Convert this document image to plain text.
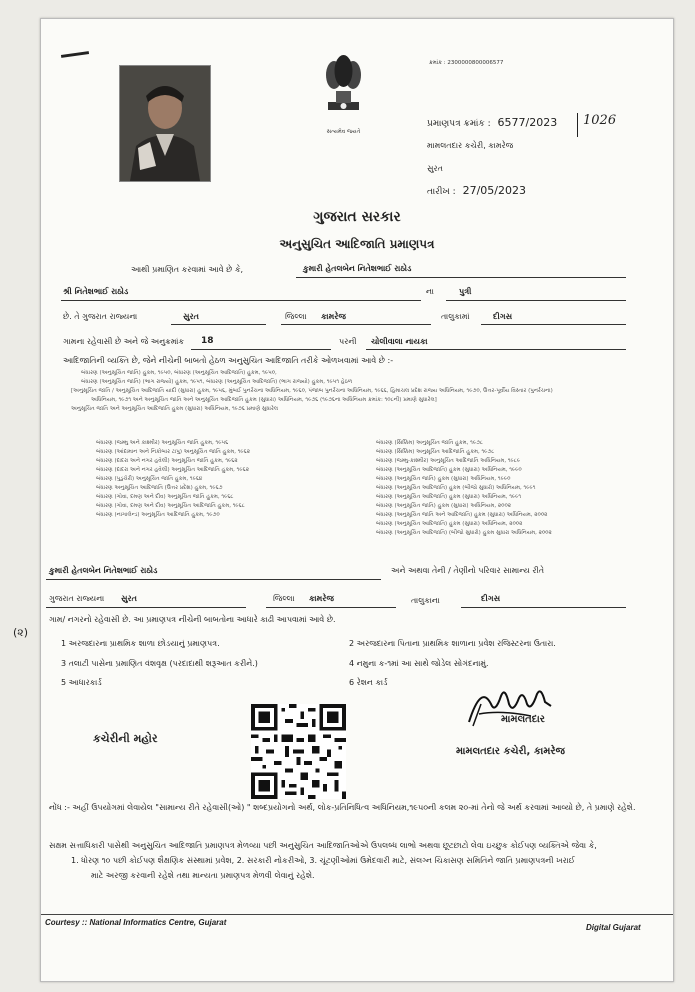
સત્યમેવ જયતે
ક્રમાંક : 2300000800006577
પ્રમાણપત્ર ક્રમાંક : 6577/2023 1026
મામલતદાર કચેરી, કામરેજ
સુરત
તારીખ : 27/05/2023
ગુજરાત સરકાર
અનુસુચિત આદિજાતિ પ્રમાણપત્ર
આથી પ્રમાણિત કરવામાં આવે છે કે,	કુમારી હેતલબેન નિતેશભાઈ રાઠોડ
શ્રી નિતેશભાઈ રાઠોડ	ના	પુત્રી
છે. તે ગુજરાત રાજ્યના	સુરત	જિલ્લા કામરેજ	તાલુકામાં	દીગસ
ગામના રહેવાસી છે અને જે અનુક્રમાંક 18	પરની ચોલીવાલા નાયકા
આદિજાતિની વ્યક્તિ છે, જેને નીચેની બાબતો હેઠળ અનુસુચિત આદિજાતિ તરીકે ઓળખવામાં આવે છે :-
બંધારણ (અનુસૂચિત જાતિ) હુકમ, ૧૯૫૦, બંધારણ (અનુસૂચિત આદિજાતિ) હુકમ, ૧૯૫૦,
બંધારણ (અનુસૂચિત જાતિ) (ભાગ રાજ્યો) હુકમ, ૧૯૫૧, બંધારણ (અનુસૂચિત આદિજાતિ) (ભાગ રાજ્યો) હુકમ, ૧૯૫૧ હેઠળ
[અનુસૂચિત જાતિ / અનુસૂચિત આદિજાતિ યાદી (સુધારા) હુકમ, ૧૯૫૬, મુંબઈ પુનર્રચના અધિનિયમ, ૧૯૬૦, પંજાબ પુનર્રચના અધિનિયમ, ૧૯૬૬, હિમાચલ પ્રદેશ રાજ્ય અધિનિયમ, ૧૯૭૦, ઉત્તર-પૂર્વીય વિસ્તાર (પુનર્રચના)
અધિનિયમ, ૧૯૭૧ અને અનુસૂચિત જાતિ અને અનુસૂચિત આદિજાતિ હુકમ (સુધારા) અધિનિયમ, ૧૯૭૬ (૧૯૭૬ના અધિનિયમ ક્રમાંક: ૧૦૮ની) પ્રમાણે સુધારેલ]
અનુસૂચિત જાતિ અને અનુસૂચિત આદિજાતિ હુકમ (સુધારા) અધિનિયમ, ૧૯૭૬ પ્રમાણે સુધારેલ
બંધારણ (જમ્મુ અને કાશ્મીર) અનુસૂચિત જાતિ હુકમ, ૧૯૫૬
બંધારણ (આંદામાન અને નિકોબાર ટાપુ) અનુસૂચિત જાતિ હુકમ, ૧૯૬૨
બંધારણ (દાદરા અને નગર હવેલી) અનુસૂચિત જાતિ હુકમ, ૧૯૬૨
બંધારણ (દાદરા અને નગર હવેલી) અનુસૂચિત આદિજાતિ હુકમ, ૧૯૬૨
બંધારણ (પુડુચેરી) અનુસૂચિત જાતિ હુકમ, ૧૯૬૪
બંધારણ અનુસૂચિત આદિજાતિ (ઉત્તર પ્રદેશ) હુકમ, ૧૯૬૭
બંધારણ (ગોવા, દમણ અને દીવ) અનુસૂચિત જાતિ હુકમ, ૧૯૬૮
બંધારણ (ગોવા, દમણ અને દીવ) અનુસૂચિત આદિજાતિ હુકમ, ૧૯૬૮
બંધારણ (નાગાલેન્ડ) અનુસૂચિત આદિજાતિ હુકમ, ૧૯૭૦
બંધારણ (સિક્કિમ) અનુસૂચિત જાતિ હુકમ, ૧૯૭૮
બંધારણ (સિક્કિમ) અનુસૂચિત આદિજાતિ હુકમ, ૧૯૭૮
બંધારણ (જમ્મુ-કાશ્મીર) અનુસૂચિત આદિજાતિ અધિનિયમ, ૧૯૮૯
બંધારણ (અનુસૂચિત આદિજાતિ) હુકમ (સુધારા) અધિનિયમ, ૧૯૯૦
બંધારણ (અનુસૂચિત જાતિ) હુકમ (સુધારા) અધિનિયમ, ૧૯૯૦
બંધારણ (અનુસૂચિત આદિજાતિ) હુકમ (બીજો સુધારો) અધિનિયમ, ૧૯૯૧
બંધારણ (અનુસૂચિત આદિજાતિ) હુકમ (સુધારા) અધિનિયમ, ૧૯૯૧
બંધારણ (અનુસૂચિત જાતિ) હુકમ (સુધારા) અધિનિયમ, ૨૦૦૨
બંધારણ (અનુસૂચિત જાતિ અને આદિજાતિ) હુકમ (સુધારા) અધિનિયમ, ૨૦૦૨
બંધારણ (અનુસૂચિત આદિજાતિ) હુકમ (સુધારા) અધિનિયમ, ૨૦૦૨
બંધારણ (અનુસૂચિત આદિજાતિ) (બીજો સુધારો) હુકમ સુધારા અધિનિયમ, ૨૦૦૨
કુમારી હેતલબેન નિતેશભાઈ રાઠોડ	અને અથવા તેની / તેણીનો પરિવાર સામાન્ય રીતે
ગુજરાત રાજ્યના સુરત	જિલ્લા કામરેજ	તાલુકાના	દીગસ
ગામ/ નગરનો રહેવાસી છે. આ પ્રમાણપત્ર નીચેની બાબતોના આધારે કાઢી આપવામાં આવે છે.
(૨)
1 અરજદારના પ્રાથમિક શાળા છોડયાનું પ્રમાણપત્ર.	2 અરજદારના પિતાના પ્રાથમિક શાળાના પ્રવેશ રજિસ્ટરના ઉતારા.
3 તલાટી પાસેના પ્રમાણિત વંશવૃક્ષ (પરદાદાથી શરૂઆત કરીને.)	4 નમુના ક-૧માં આ સાથે જોડેલ સોગંદનામું.
5 આધારકાર્ડ	6 રેશન કાર્ડ
કચેરીની મહોર
મામલતદાર
મામલતદાર કચેરી, કામરેજ
નોંધ :- અહીં ઉપયોગમાં લેવાયેલ "સામાન્ય રીતે રહેવાસી(ઓ) " શબ્દપ્રયોગનો અર્થ, લોક-પ્રતિનિધિત્વ અધિનિયમ,૧૯૫૦ની કલમ ૨૦-માં તેનો જે અર્થ કરવામાં આવ્યો છે, તે પ્રમાણે રહેશે.
સક્ષમ સત્તાધિકારી પાસેથી અનુસુચિત આદિજાતિ પ્રમાણપત્ર મેળવ્યા પછી અનુસુચિત આદિજાતિઓએ ઉપલબ્ધ લાભો અથવા છૂટછાટો લેવા ઇચ્છુક કોઈપણ વ્યક્તિએ જેવા કે,
1. ધોરણ ૧૦ પછી કોઈપણ શૈક્ષણિક સંસ્થામાં પ્રવેશ, 2. સરકારી નોકરીઓ, 3. ચૂંટણીઓમાં ઉમેદવારી માટે, સંલગ્ન ચિકાસણ સમિતિને જાતિ પ્રમાણપત્રની ખરાઈ
માટે અરજી કરવાની રહેશે તથા માન્યતા પ્રમાણપત્ર મેળવી લેવાનું રહેશે.
Courtesy :: National Informatics Centre, Gujarat
Digital Gujarat
